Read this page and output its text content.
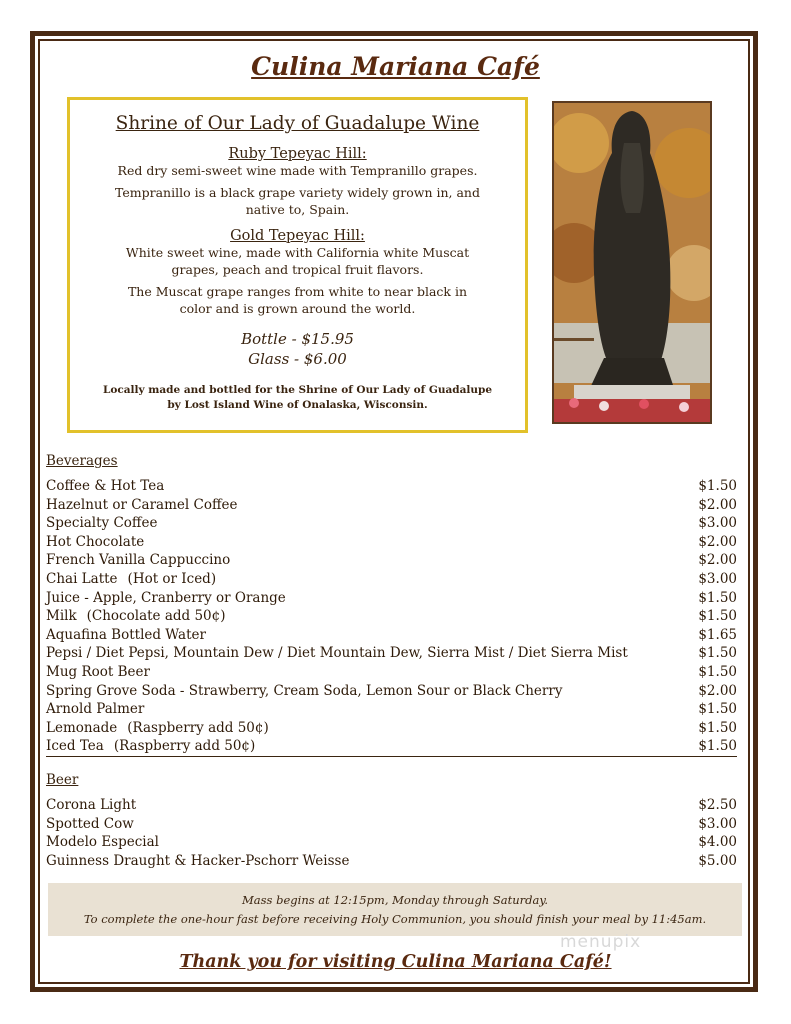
Culina Mariana Café
Shrine of Our Lady of Guadalupe Wine
Ruby Tepeyac Hill:
Red dry semi-sweet wine made with Tempranillo grapes.
Tempranillo is a black grape variety widely grown in, and native to, Spain.
Gold Tepeyac Hill:
White sweet wine, made with California white Muscat grapes, peach and tropical fruit flavors.
The Muscat grape ranges from white to near black in color and is grown around the world.
Bottle - $15.95
Glass - $6.00
Locally made and bottled for the Shrine of Our Lady of Guadalupe
by Lost Island Wine of Onalaska, Wisconsin.
Beverages
Coffee & Hot Tea	$1.50
Hazelnut or Caramel Coffee	$2.00
Specialty Coffee	$3.00
Hot Chocolate	$2.00
French Vanilla Cappuccino	$2.00
Chai Latte (Hot or Iced)	$3.00
Juice - Apple, Cranberry or Orange	$1.50
Milk (Chocolate add 50¢)	$1.50
Aquafina Bottled Water	$1.65
Pepsi / Diet Pepsi, Mountain Dew / Diet Mountain Dew, Sierra Mist / Diet Sierra Mist	$1.50
Mug Root Beer	$1.50
Spring Grove Soda - Strawberry, Cream Soda, Lemon Sour or Black Cherry	$2.00
Arnold Palmer	$1.50
Lemonade (Raspberry add 50¢)	$1.50
Iced Tea (Raspberry add 50¢)	$1.50
Beer
Corona Light	$2.50
Spotted Cow	$3.00
Modelo Especial	$4.00
Guinness Draught & Hacker-Pschorr Weisse	$5.00
Mass begins at 12:15pm, Monday through Saturday.
To complete the one-hour fast before receiving Holy Communion, you should finish your meal by 11:45am.
Thank you for visiting Culina Mariana Café!
menupix
